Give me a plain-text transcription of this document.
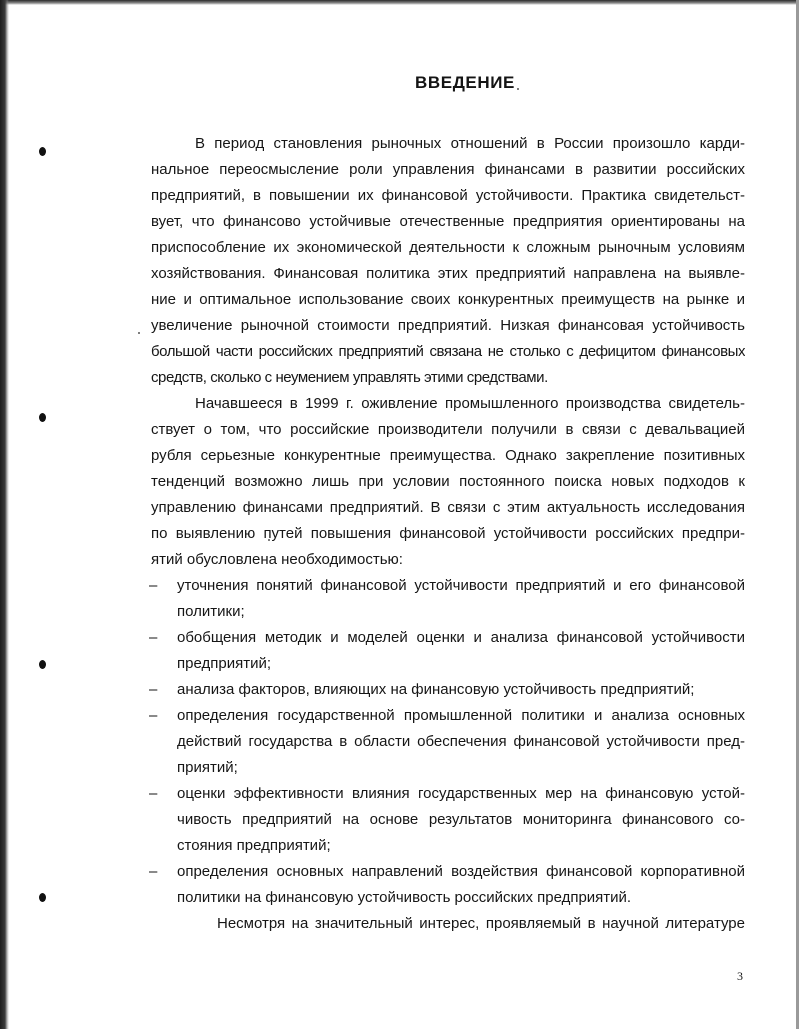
ВВЕДЕНИЕ
В период становления рыночных отношений в России произошло карди-
нальное переосмысление роли управления финансами в развитии российских
предприятий, в повышении их финансовой устойчивости. Практика свидетельст-
вует, что финансово устойчивые отечественные предприятия ориентированы на
приспособление их экономической деятельности к сложным рыночным условиям
хозяйствования. Финансовая политика этих предприятий направлена на выявле-
ние и оптимальное использование своих конкурентных преимуществ на рынке и
увеличение рыночной стоимости предприятий. Низкая финансовая устойчивость
большой части российских предприятий связана не столько с дефицитом финансовых
средств, сколько с неумением управлять этими средствами.
Начавшееся в 1999 г. оживление промышленного производства свидетель-
ствует о том, что российские производители получили в связи с девальвацией
рубля серьезные конкурентные преимущества. Однако закрепление позитивных
тенденций возможно лишь при условии постоянного поиска новых подходов к
управлению финансами предприятий. В связи с этим актуальность исследования
по выявлению путей повышения финансовой устойчивости российских предпри-
ятий обусловлена необходимостью:
–	уточнения понятий финансовой устойчивости предприятий и его финансовой
политики;
–	обобщения методик и моделей оценки и анализа финансовой устойчивости
предприятий;
–	анализа факторов, влияющих на финансовую устойчивость предприятий;
–	определения государственной промышленной политики и анализа основных
действий государства в области обеспечения финансовой устойчивости пред-
приятий;
–	оценки эффективности влияния государственных мер на финансовую устой-
чивость предприятий на основе результатов мониторинга финансового со-
стояния предприятий;
–	определения основных направлений воздействия финансовой корпоративной
политики на финансовую устойчивость российских предприятий.
Несмотря на значительный интерес, проявляемый в научной литературе
3
